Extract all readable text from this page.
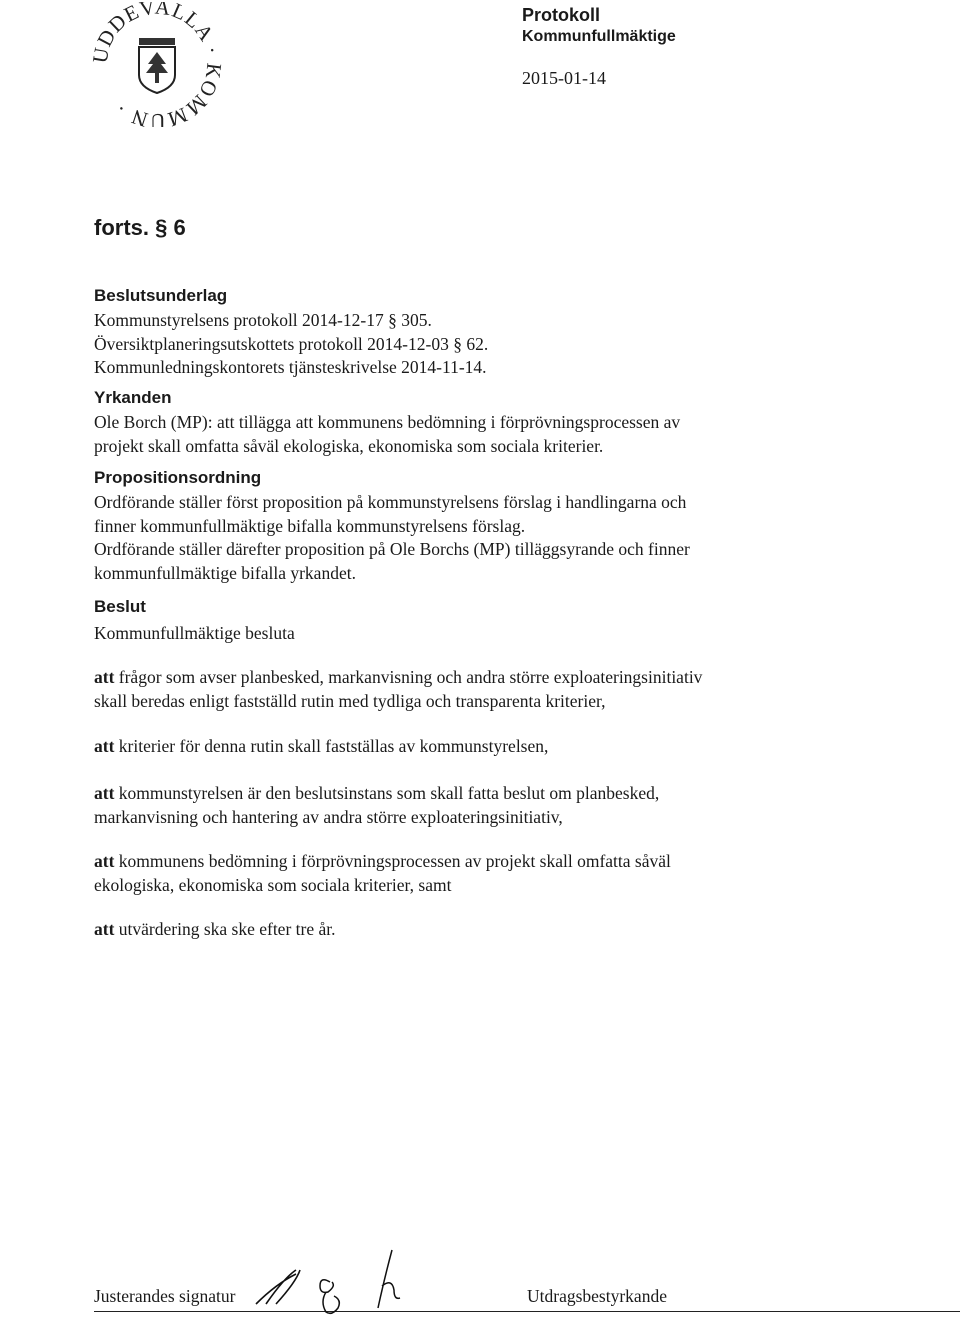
UDDEVALLA · KOMMUN ·
Protokoll
Kommunfullmäktige
2015-01-14
forts. § 6
Beslutsunderlag
Kommunstyrelsens protokoll 2014-12-17 § 305.
Översiktplaneringsutskottets protokoll 2014-12-03 § 62.
Kommunledningskontorets tjänsteskrivelse 2014-11-14.
Yrkanden
Ole Borch (MP): att tillägga att kommunens bedömning i förprövningsprocessen av
projekt skall omfatta såväl ekologiska, ekonomiska som sociala kriterier.
Propositionsordning
Ordförande ställer först proposition på kommunstyrelsens förslag i handlingarna och
finner kommunfullmäktige bifalla kommunstyrelsens förslag.
Ordförande ställer därefter proposition på Ole Borchs (MP) tilläggsyrande och finner
kommunfullmäktige bifalla yrkandet.
Beslut
Kommunfullmäktige besluta
att frågor som avser planbesked, markanvisning och andra större exploateringsinitiativ
skall beredas enligt fastställd rutin med tydliga och transparenta kriterier,
att kriterier för denna rutin skall fastställas av kommunstyrelsen,
att kommunstyrelsen är den beslutsinstans som skall fatta beslut om planbesked,
markanvisning och hantering av andra större exploateringsinitiativ,
att kommunens bedömning i förprövningsprocessen av projekt skall omfatta såväl
ekologiska, ekonomiska som sociala kriterier, samt
att utvärdering ska ske efter tre år.
Justerandes signatur	Utdragsbestyrkande
